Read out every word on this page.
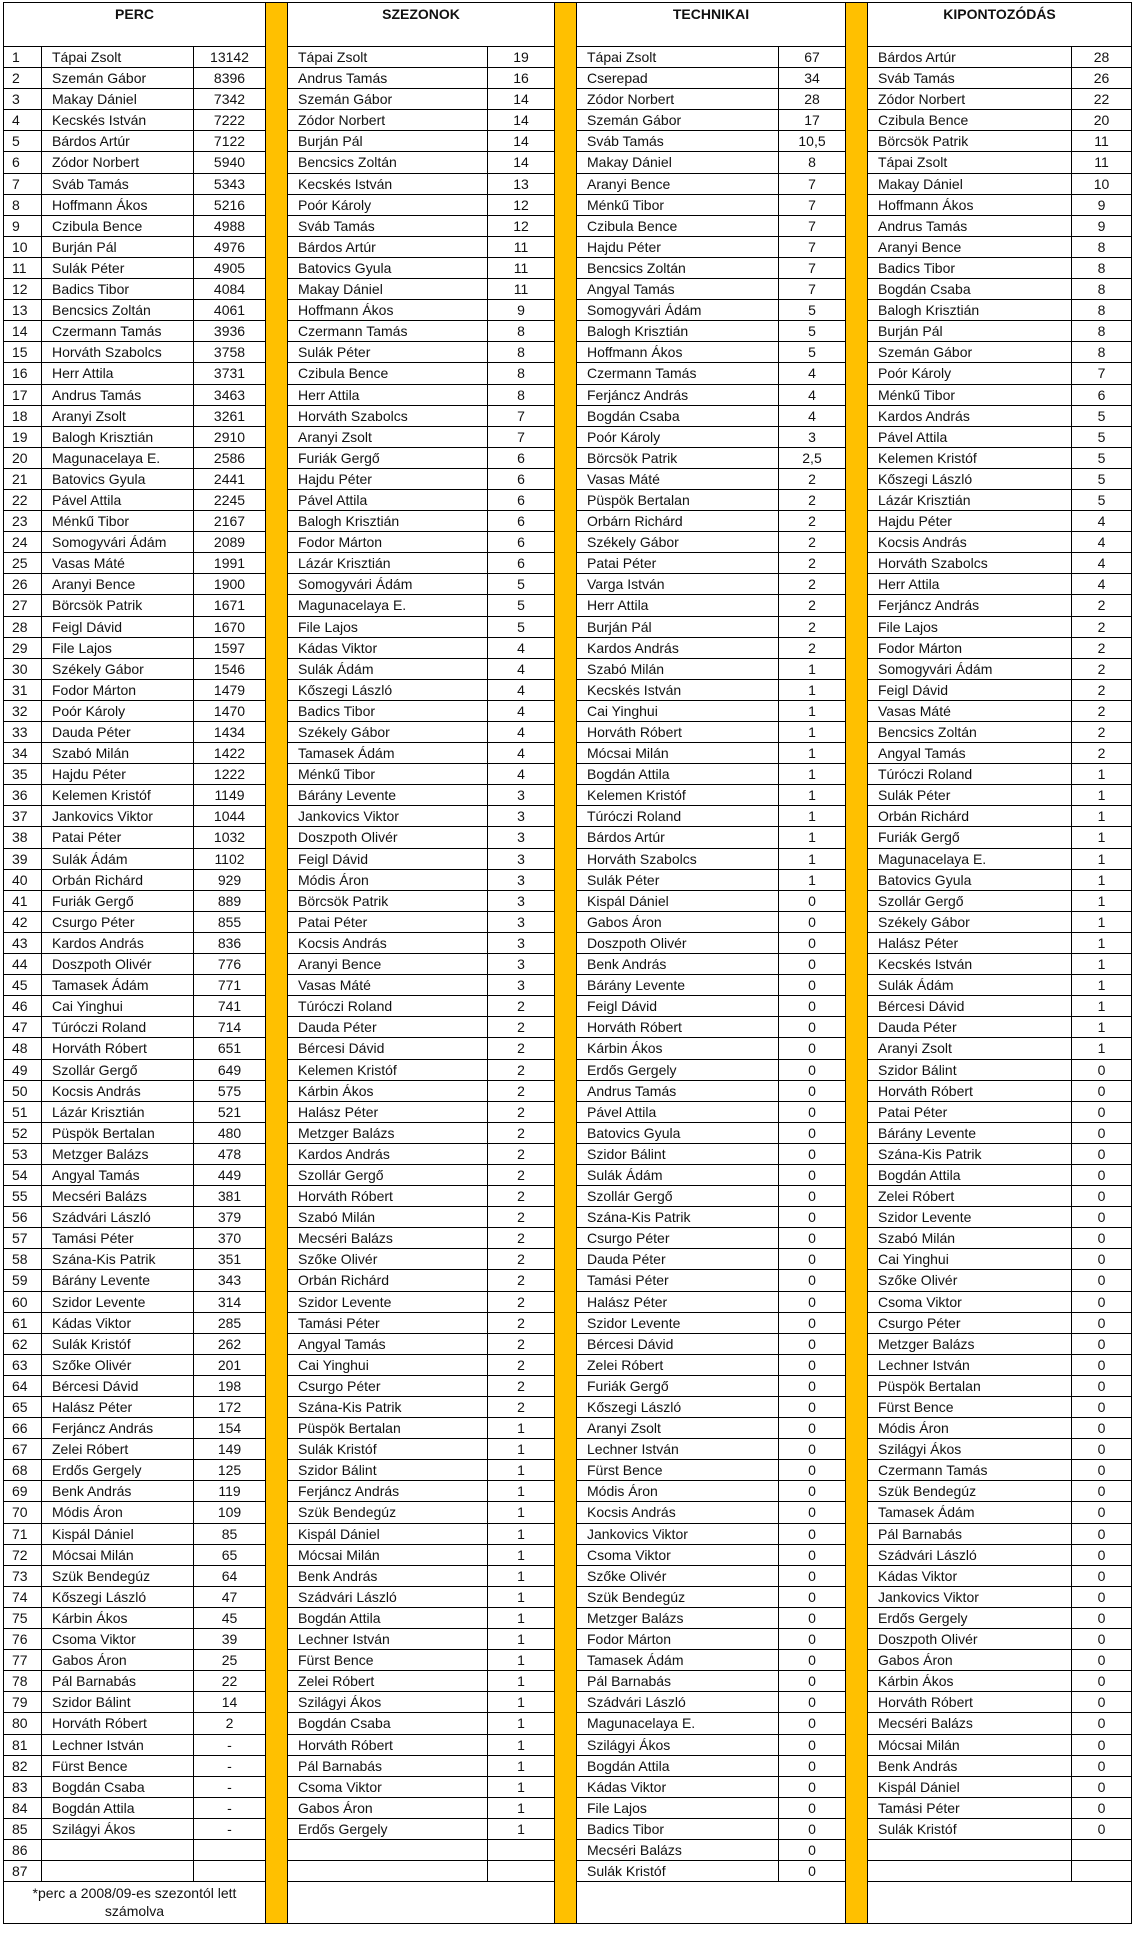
PERC	SZEZONOK	TECHNIKAI	KIPONTOZÓDÁS
1	Tápai Zsolt	13142
2	Szemán Gábor	8396
3	Makay Dániel	7342
4	Kecskés István	7222
5	Bárdos Artúr	7122
6	Zódor Norbert	5940
7	Sváb Tamás	5343
8	Hoffmann Ákos	5216
9	Czibula Bence	4988
10	Burján Pál	4976
11	Sulák Péter	4905
12	Badics Tibor	4084
13	Bencsics Zoltán	4061
14	Czermann Tamás	3936
15	Horváth Szabolcs	3758
16	Herr Attila	3731
17	Andrus Tamás	3463
18	Aranyi Zsolt	3261
19	Balogh Krisztián	2910
20	Magunacelaya E.	2586
21	Batovics Gyula	2441
22	Pável Attila	2245
23	Ménkű Tibor	2167
24	Somogyvári Ádám	2089
25	Vasas Máté	1991
26	Aranyi Bence	1900
27	Börcsök Patrik	1671
28	Feigl Dávid	1670
29	File Lajos	1597
30	Székely Gábor	1546
31	Fodor Márton	1479
32	Poór Károly	1470
33	Dauda Péter	1434
34	Szabó Milán	1422
35	Hajdu Péter	1222
36	Kelemen Kristóf	1149
37	Jankovics Viktor	1044
38	Patai Péter	1032
39	Sulák Ádám	1102
40	Orbán Richárd	929
41	Furiák Gergő	889
42	Csurgo Péter	855
43	Kardos András	836
44	Doszpoth Olivér	776
45	Tamasek Ádám	771
46	Cai Yinghui	741
47	Túróczi Roland	714
48	Horváth Róbert	651
49	Szollár Gergő	649
50	Kocsis András	575
51	Lázár Krisztián	521
52	Püspök Bertalan	480
53	Metzger Balázs	478
54	Angyal Tamás	449
55	Mecséri Balázs	381
56	Szádvári László	379
57	Tamási Péter	370
58	Szána-Kis Patrik	351
59	Bárány Levente	343
60	Szidor Levente	314
61	Kádas Viktor	285
62	Sulák Kristóf	262
63	Szőke Olivér	201
64	Bércesi Dávid	198
65	Halász Péter	172
66	Ferjáncz András	154
67	Zelei Róbert	149
68	Erdős Gergely	125
69	Benk András	119
70	Módis Áron	109
71	Kispál Dániel	85
72	Mócsai Milán	65
73	Szük Bendegúz	64
74	Kőszegi László	47
75	Kárbin Ákos	45
76	Csoma Viktor	39
77	Gabos Áron	25
78	Pál Barnabás	22
79	Szidor Bálint	14
80	Horváth Róbert	2
81	Lechner István	-
82	Fürst Bence	-
83	Bogdán Csaba	-
84	Bogdán Attila	-
85	Szilágyi Ákos	-
86
87
Tápai Zsolt	19
Andrus Tamás	16
Szemán Gábor	14
Zódor Norbert	14
Burján Pál	14
Bencsics Zoltán	14
Kecskés István	13
Poór Károly	12
Sváb Tamás	12
Bárdos Artúr	11
Batovics Gyula	11
Makay Dániel	11
Hoffmann Ákos	9
Czermann Tamás	8
Sulák Péter	8
Czibula Bence	8
Herr Attila	8
Horváth Szabolcs	7
Aranyi Zsolt	7
Furiák Gergő	6
Hajdu Péter	6
Pável Attila	6
Balogh Krisztián	6
Fodor Márton	6
Lázár Krisztián	6
Somogyvári Ádám	5
Magunacelaya E.	5
File Lajos	5
Kádas Viktor	4
Sulák Ádám	4
Kőszegi László	4
Badics Tibor	4
Székely Gábor	4
Tamasek Ádám	4
Ménkű Tibor	4
Bárány Levente	3
Jankovics Viktor	3
Doszpoth Olivér	3
Feigl Dávid	3
Módis Áron	3
Börcsök Patrik	3
Patai Péter	3
Kocsis András	3
Aranyi Bence	3
Vasas Máté	3
Túróczi Roland	2
Dauda Péter	2
Bércesi Dávid	2
Kelemen Kristóf	2
Kárbin Ákos	2
Halász Péter	2
Metzger Balázs	2
Kardos András	2
Szollár Gergő	2
Horváth Róbert	2
Szabó Milán	2
Mecséri Balázs	2
Szőke Olivér	2
Orbán Richárd	2
Szidor Levente	2
Tamási Péter	2
Angyal Tamás	2
Cai Yinghui	2
Csurgo Péter	2
Szána-Kis Patrik	2
Püspök Bertalan	1
Sulák Kristóf	1
Szidor Bálint	1
Ferjáncz András	1
Szük Bendegúz	1
Kispál Dániel	1
Mócsai Milán	1
Benk András	1
Szádvári László	1
Bogdán Attila	1
Lechner István	1
Fürst Bence	1
Zelei Róbert	1
Szilágyi Ákos	1
Bogdán Csaba	1
Horváth Róbert	1
Pál Barnabás	1
Csoma Viktor	1
Gabos Áron	1
Erdős Gergely	1
Tápai Zsolt	67
Cserepad	34
Zódor Norbert	28
Szemán Gábor	17
Sváb Tamás	10,5
Makay Dániel	8
Aranyi Bence	7
Ménkű Tibor	7
Czibula Bence	7
Hajdu Péter	7
Bencsics Zoltán	7
Angyal Tamás	7
Somogyvári Ádám	5
Balogh Krisztián	5
Hoffmann Ákos	5
Czermann Tamás	4
Ferjáncz András	4
Bogdán Csaba	4
Poór Károly	3
Börcsök Patrik	2,5
Vasas Máté	2
Püspök Bertalan	2
Orbárn Richárd	2
Székely Gábor	2
Patai Péter	2
Varga István	2
Herr Attila	2
Burján Pál	2
Kardos András	2
Szabó Milán	1
Kecskés István	1
Cai Yinghui	1
Horváth Róbert	1
Mócsai Milán	1
Bogdán Attila	1
Kelemen Kristóf	1
Túróczi Roland	1
Bárdos Artúr	1
Horváth Szabolcs	1
Sulák Péter	1
Kispál Dániel	0
Gabos Áron	0
Doszpoth Olivér	0
Benk András	0
Bárány Levente	0
Feigl Dávid	0
Horváth Róbert	0
Kárbin Ákos	0
Erdős Gergely	0
Andrus Tamás	0
Pável Attila	0
Batovics Gyula	0
Szidor Bálint	0
Sulák Ádám	0
Szollár Gergő	0
Szána-Kis Patrik	0
Csurgo Péter	0
Dauda Péter	0
Tamási Péter	0
Halász Péter	0
Szidor Levente	0
Bércesi Dávid	0
Zelei Róbert	0
Furiák Gergő	0
Kőszegi László	0
Aranyi Zsolt	0
Lechner István	0
Fürst Bence	0
Módis Áron	0
Kocsis András	0
Jankovics Viktor	0
Csoma Viktor	0
Szőke Olivér	0
Szük Bendegúz	0
Metzger Balázs	0
Fodor Márton	0
Tamasek Ádám	0
Pál Barnabás	0
Szádvári László	0
Magunacelaya E.	0
Szilágyi Ákos	0
Bogdán Attila	0
Kádas Viktor	0
File Lajos	0
Badics Tibor	0
Mecséri Balázs	0
Sulák Kristóf	0
Bárdos Artúr	28
Sváb Tamás	26
Zódor Norbert	22
Czibula Bence	20
Börcsök Patrik	11
Tápai Zsolt	11
Makay Dániel	10
Hoffmann Ákos	9
Andrus Tamás	9
Aranyi Bence	8
Badics Tibor	8
Bogdán Csaba	8
Balogh Krisztián	8
Burján Pál	8
Szemán Gábor	8
Poór Károly	7
Ménkű Tibor	6
Kardos András	5
Pável Attila	5
Kelemen Kristóf	5
Kőszegi László	5
Lázár Krisztián	5
Hajdu Péter	4
Kocsis András	4
Horváth Szabolcs	4
Herr Attila	4
Ferjáncz András	2
File Lajos	2
Fodor Márton	2
Somogyvári Ádám	2
Feigl Dávid	2
Vasas Máté	2
Bencsics Zoltán	2
Angyal Tamás	2
Túróczi Roland	1
Sulák Péter	1
Orbán Richárd	1
Furiák Gergő	1
Magunacelaya E.	1
Batovics Gyula	1
Szollár Gergő	1
Székely Gábor	1
Halász Péter	1
Kecskés István	1
Sulák Ádám	1
Bércesi Dávid	1
Dauda Péter	1
Aranyi Zsolt	1
Szidor Bálint	0
Horváth Róbert	0
Patai Péter	0
Bárány Levente	0
Szána-Kis Patrik	0
Bogdán Attila	0
Zelei Róbert	0
Szidor Levente	0
Szabó Milán	0
Cai Yinghui	0
Szőke Olivér	0
Csoma Viktor	0
Csurgo Péter	0
Metzger Balázs	0
Lechner István	0
Püspök Bertalan	0
Fürst Bence	0
Módis Áron	0
Szilágyi Ákos	0
Czermann Tamás	0
Szük Bendegúz	0
Tamasek Ádám	0
Pál Barnabás	0
Szádvári László	0
Kádas Viktor	0
Jankovics Viktor	0
Erdős Gergely	0
Doszpoth Olivér	0
Gabos Áron	0
Kárbin Ákos	0
Horváth Róbert	0
Mecséri Balázs	0
Mócsai Milán	0
Benk András	0
Kispál Dániel	0
Tamási Péter	0
Sulák Kristóf	0
*perc a 2008/09-es szezontól lett számolva
